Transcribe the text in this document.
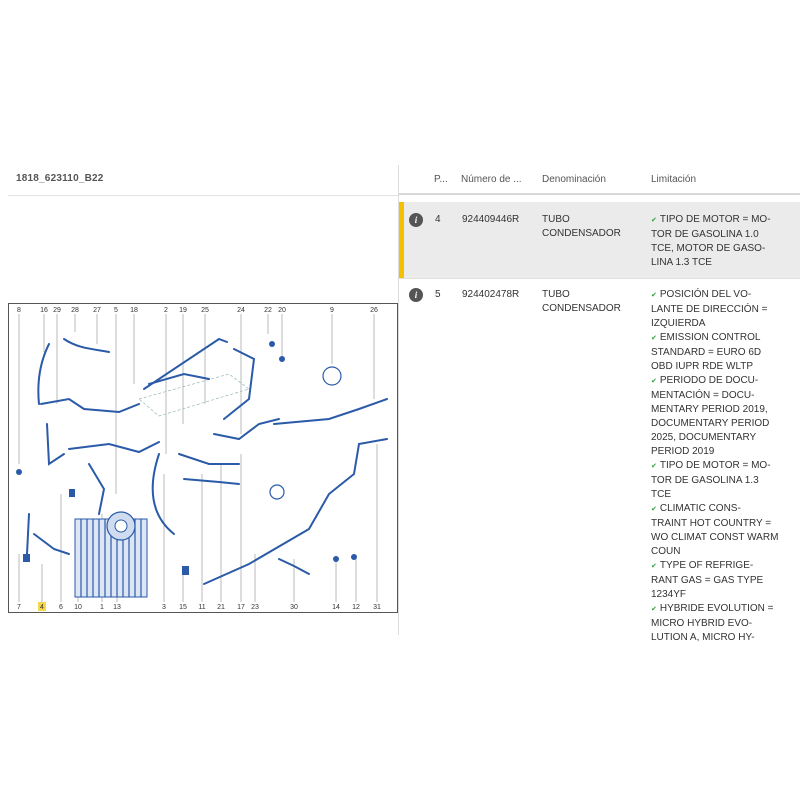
1818_623110_B22
8	16 29 28 27 5 18	2 19 25	24	22 20	9	26
7	4 6 10	1 13	3 15 11 21 17 23	30	14 12 31
P... Número de ... Denominación	Limitación
i	4 924409446R TUBO CONDENSADOR
✔ TIPO DE MOTOR = MO- TOR DE GASOLINA 1.0 TCE, MOTOR DE GASO- LINA 1.3 TCE
i	5 924402478R TUBO CONDENSADOR
✔ POSICIÓN DEL VO- LANTE DE DIRECCIÓN = IZQUIERDA
✔ EMISSION CONTROL STANDARD = EURO 6D OBD IUPR RDE WLTP
✔ PERIODO DE DOCU- MENTACIÓN = DOCU- MENTARY PERIOD 2019, DOCUMENTARY PERIOD 2025, DOCUMENTARY PERIOD 2019
✔ TIPO DE MOTOR = MO- TOR DE GASOLINA 1.3 TCE
✔ CLIMATIC CONS- TRAINT HOT COUNTRY = WO CLIMAT CONST WARM COUN
✔ TYPE OF REFRIGE- RANT GAS = GAS TYPE 1234YF
✔ HYBRIDE EVOLUTION = MICRO HYBRID EVO- LUTION A, MICRO HY-
